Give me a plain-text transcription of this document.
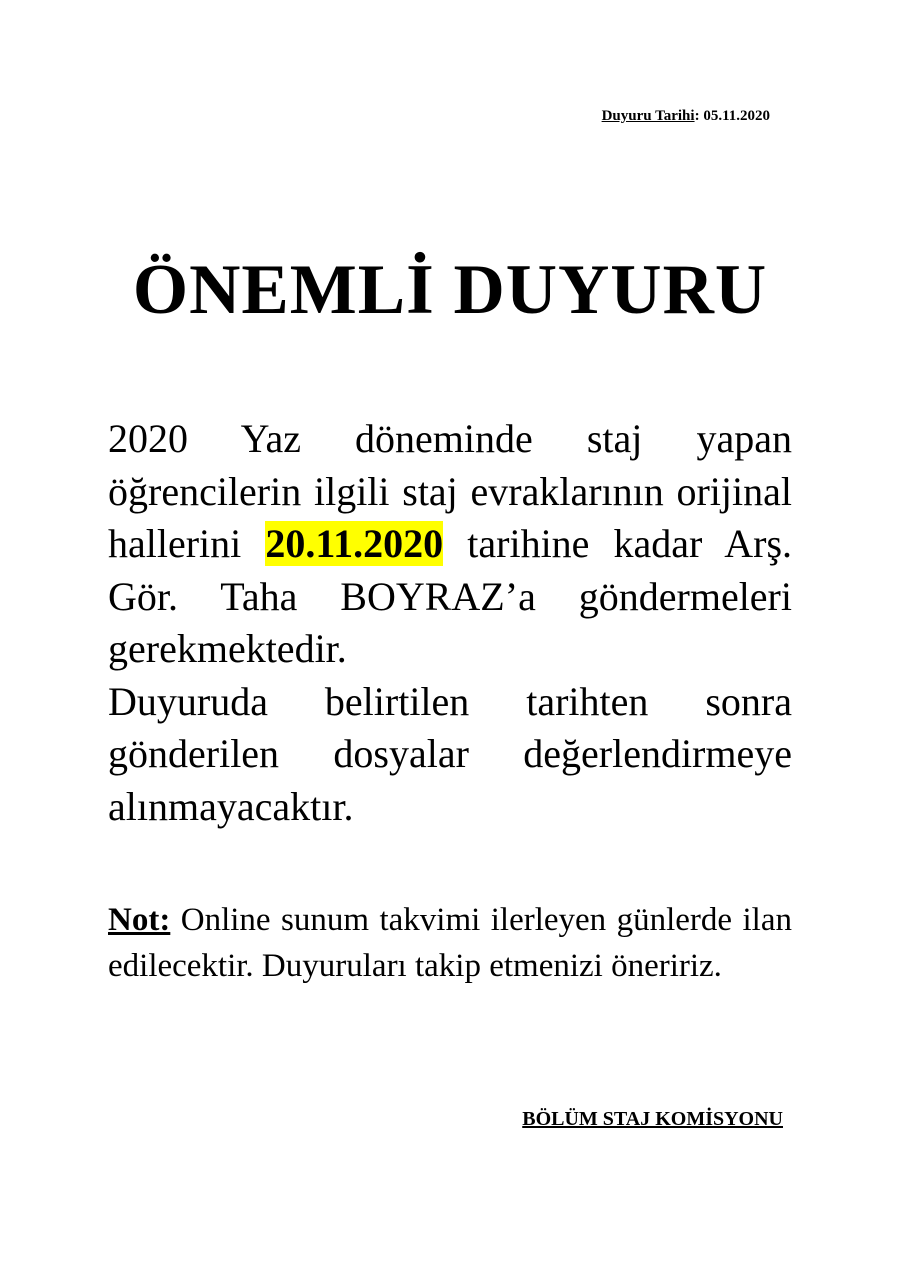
Duyuru Tarihi: 05.11.2020
ÖNEMLİ DUYURU

2020 Yaz döneminde staj yapan öğrencilerin ilgili staj evraklarının orijinal hallerini 20.11.2020 tarihine kadar Arş. Gör. Taha BOYRAZ’a göndermeleri gerekmektedir.

Duyuruda belirtilen tarihten sonra gönderilen dosyalar değerlendirmeye alınmayacaktır.

Not: Online sunum takvimi ilerleyen günlerde ilan edilecektir. Duyuruları takip etmenizi öneririz.

BÖLÜM STAJ KOMİSYONU
